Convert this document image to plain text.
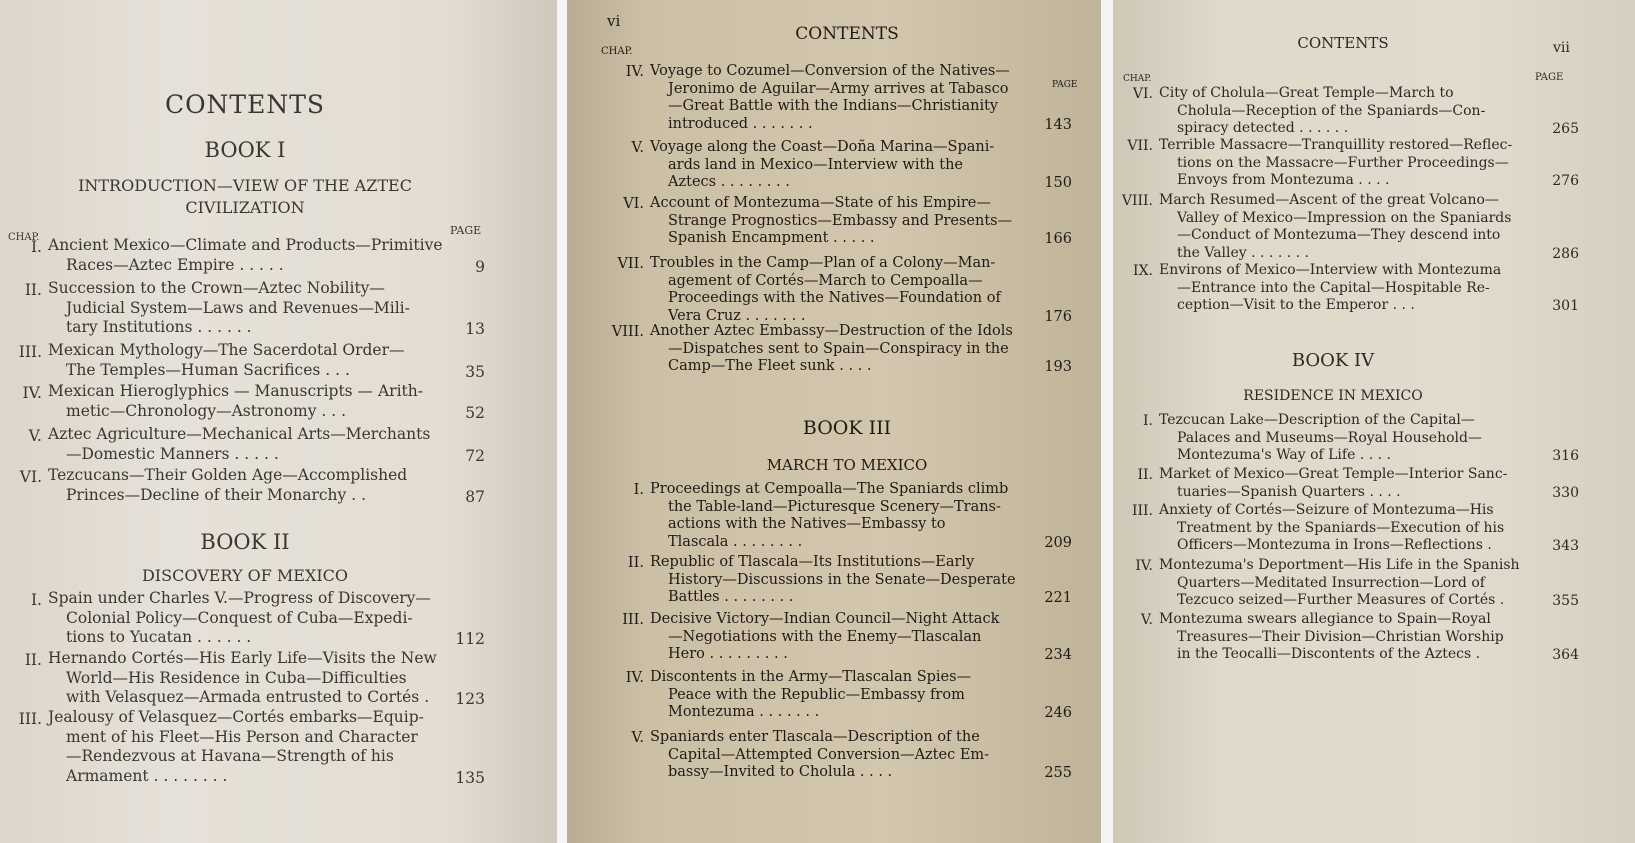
CONTENTS
BOOK I
INTRODUCTION—VIEW OF THE AZTEC
CIVILIZATION
CHAP.
PAGE
I. Ancient Mexico—Climate and Products—Primitive
Races—Aztec Empire . . . . .	9
II. Succession to the Crown—Aztec Nobility—
Judicial System—Laws and Revenues—Mili-
tary Institutions . . . . . .	13
III. Mexican Mythology—The Sacerdotal Order—
The Temples—Human Sacrifices . . .	35
IV. Mexican Hieroglyphics — Manuscripts — Arith-
metic—Chronology—Astronomy . . .	52
V. Aztec Agriculture—Mechanical Arts—Merchants
—Domestic Manners . . . . .	72
VI. Tezcucans—Their Golden Age—Accomplished
Princes—Decline of their Monarchy . .	87
BOOK II
DISCOVERY OF MEXICO
I. Spain under Charles V.—Progress of Discovery—
Colonial Policy—Conquest of Cuba—Expedi-
tions to Yucatan . . . . . .	112
II. Hernando Cortés—His Early Life—Visits the New
World—His Residence in Cuba—Difficulties
with Velasquez—Armada entrusted to Cortés .	123
III. Jealousy of Velasquez—Cortés embarks—Equip-
ment of his Fleet—His Person and Character
—Rendezvous at Havana—Strength of his
Armament . . . . . . . .	135
vi
CONTENTS
CHAP.
PAGE
IV. Voyage to Cozumel—Conversion of the Natives—
Jeronimo de Aguilar—Army arrives at Tabasco
—Great Battle with the Indians—Christianity
introduced . . . . . . .	143
V. Voyage along the Coast—Doña Marina—Spani-
ards land in Mexico—Interview with the
Aztecs . . . . . . . .	150
VI. Account of Montezuma—State of his Empire—
Strange Prognostics—Embassy and Presents—
Spanish Encampment . . . . .	166
VII. Troubles in the Camp—Plan of a Colony—Man-
agement of Cortés—March to Cempoalla—
Proceedings with the Natives—Foundation of
Vera Cruz . . . . . . .	176
VIII. Another Aztec Embassy—Destruction of the Idols
—Dispatches sent to Spain—Conspiracy in the
Camp—The Fleet sunk . . . .	193
BOOK III
MARCH TO MEXICO
I. Proceedings at Cempoalla—The Spaniards climb
the Table-land—Picturesque Scenery—Trans-
actions with the Natives—Embassy to
Tlascala . . . . . . . .	209
II. Republic of Tlascala—Its Institutions—Early
History—Discussions in the Senate—Desperate
Battles . . . . . . . .	221
III. Decisive Victory—Indian Council—Night Attack
—Negotiations with the Enemy—Tlascalan
Hero . . . . . . . . .	234
IV. Discontents in the Army—Tlascalan Spies—
Peace with the Republic—Embassy from
Montezuma . . . . . . .	246
V. Spaniards enter Tlascala—Description of the
Capital—Attempted Conversion—Aztec Em-
bassy—Invited to Cholula . . . .	255
CONTENTS	vii
CHAP.	PAGE
VI. City of Cholula—Great Temple—March to
Cholula—Reception of the Spaniards—Con-
spiracy detected . . . . . .	265
VII. Terrible Massacre—Tranquillity restored—Reflec-
tions on the Massacre—Further Proceedings—
Envoys from Montezuma . . . .	276
VIII. March Resumed—Ascent of the great Volcano—
Valley of Mexico—Impression on the Spaniards
—Conduct of Montezuma—They descend into
the Valley . . . . . . .	286
IX. Environs of Mexico—Interview with Montezuma
—Entrance into the Capital—Hospitable Re-
ception—Visit to the Emperor . . .	301
BOOK IV
RESIDENCE IN MEXICO
I. Tezcucan Lake—Description of the Capital—
Palaces and Museums—Royal Household—
Montezuma's Way of Life . . . .	316
II. Market of Mexico—Great Temple—Interior Sanc-
tuaries—Spanish Quarters . . . .	330
III. Anxiety of Cortés—Seizure of Montezuma—His
Treatment by the Spaniards—Execution of his
Officers—Montezuma in Irons—Reflections .	343
IV. Montezuma's Deportment—His Life in the Spanish
Quarters—Meditated Insurrection—Lord of
Tezcuco seized—Further Measures of Cortés .	355
V. Montezuma swears allegiance to Spain—Royal
Treasures—Their Division—Christian Worship
in the Teocalli—Discontents of the Aztecs .	364
